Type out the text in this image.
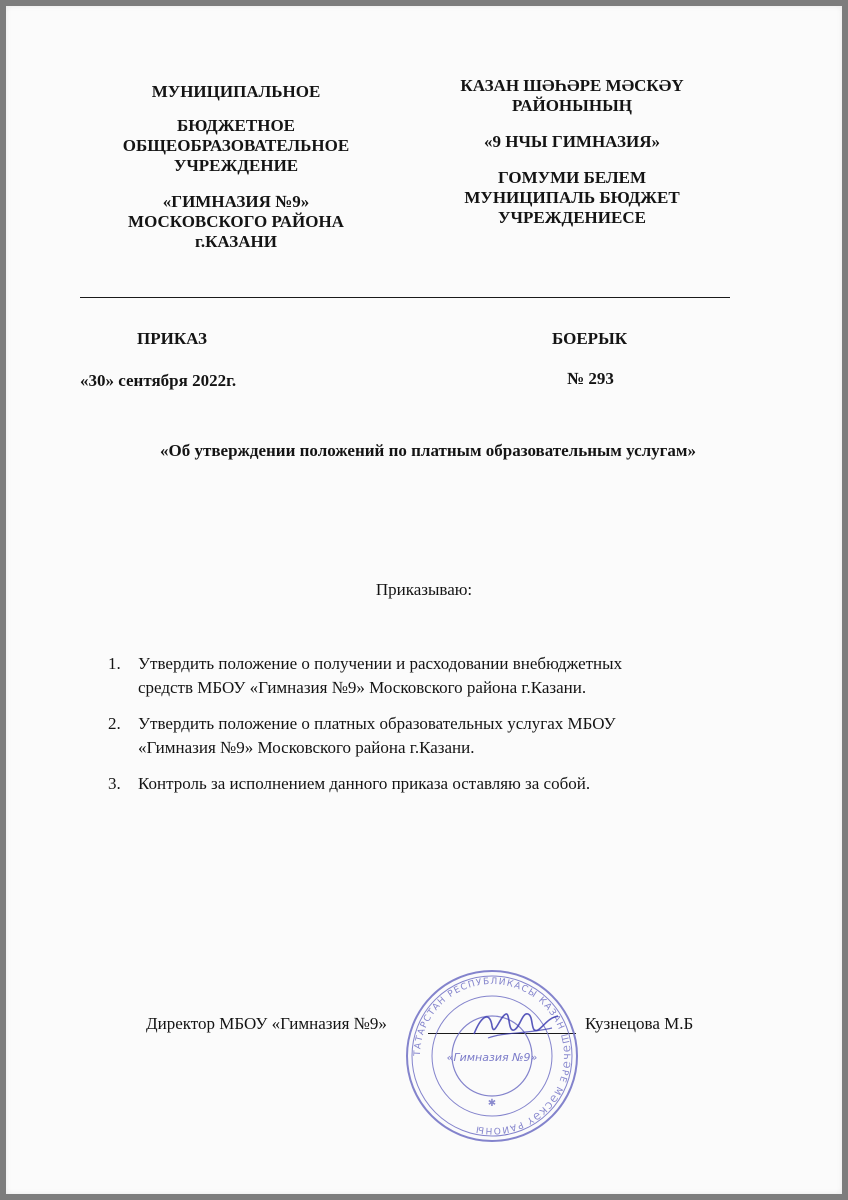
МУНИЦИПАЛЬНОЕ

БЮДЖЕТНОЕ

ОБЩЕОБРАЗОВАТЕЛЬНОЕ

УЧРЕЖДЕНИЕ

«ГИМНАЗИЯ №9»

МОСКОВСКОГО РАЙОНА

г.КАЗАНИ

КАЗАН ШӘҺӘРЕ МӘСКӘҮ

РАЙОНЫНЫҢ

«9 НЧЫ ГИМНАЗИЯ»

ГОМУМИ БЕЛЕМ

МУНИЦИПАЛЬ БЮДЖЕТ

УЧРЕЖДЕНИЕСЕ

ПРИКАЗ	БОЕРЫК

«30» сентября 2022г.	№ 293

«Об утверждении положений по платным образовательным услугам»
Приказываю:
1. Утвердить положение о получении и расходовании внебюджетных
средств МБОУ «Гимназия №9» Московского района г.Казани.
2. Утвердить положение о платных образовательных услугах МБОУ
«Гимназия №9» Московского района г.Казани.
3. Контроль за исполнением данного приказа оставляю за собой.

Директор МБОУ «Гимназия №9»	Кузнецова М.Б

ТАТАРСТАН РЕСПУБЛИКАСЫ КАЗАН ШӘҺӘРЕ МӘСКӘҮ РАЙОНЫ
«Гимназия №9»
✱
